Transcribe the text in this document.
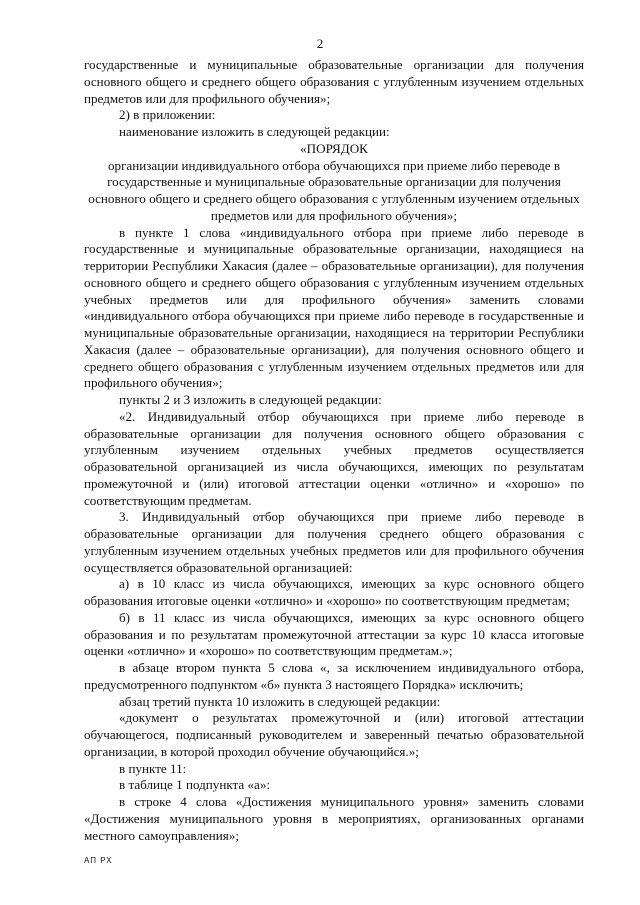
2

государственные и муниципальные образовательные организации для получения основного общего и среднего общего образования с углубленным изучением отдельных предметов или для профильного обучения»;

2) в приложении:

наименование изложить в следующей редакции:

«ПОРЯДОК

организации индивидуального отбора обучающихся при приеме либо переводе в государственные и муниципальные образовательные организации для получения основного общего и среднего общего образования с углубленным изучением отдельных предметов или для профильного обучения»;

в пункте 1 слова «индивидуального отбора при приеме либо переводе в государственные и муниципальные образовательные организации, находящиеся на территории Республики Хакасия (далее – образовательные организации), для получения основного общего и среднего общего образования с углубленным изучением отдельных учебных предметов или для профильного обучения» заменить словами «индивидуального отбора обучающихся при приеме либо переводе в государственные и муниципальные образовательные организации, находящиеся на территории Республики Хакасия (далее – образовательные организации), для получения основного общего и среднего общего образования с углубленным изучением отдельных предметов или для профильного обучения»;

пункты 2 и 3 изложить в следующей редакции:

«2. Индивидуальный отбор обучающихся при приеме либо переводе в образовательные организации для получения основного общего образования с углубленным изучением отдельных учебных предметов осуществляется образовательной организацией из числа обучающихся, имеющих по результатам промежуточной и (или) итоговой аттестации оценки «отлично» и «хорошо» по соответствующим предметам.

3. Индивидуальный отбор обучающихся при приеме либо переводе в образовательные организации для получения среднего общего образования с углубленным изучением отдельных учебных предметов или для профильного обучения осуществляется образовательной организацией:

а) в 10 класс из числа обучающихся, имеющих за курс основного общего образования итоговые оценки «отлично» и «хорошо» по соответствующим предметам;

б) в 11 класс из числа обучающихся, имеющих за курс основного общего образования и по результатам промежуточной аттестации за курс 10 класса итоговые оценки «отлично» и «хорошо» по соответствующим предметам.»;

в абзаце втором пункта 5 слова «, за исключением индивидуального отбора, предусмотренного подпунктом «б» пункта 3 настоящего Порядка» исключить;

абзац третий пункта 10 изложить в следующей редакции:

«документ о результатах промежуточной и (или) итоговой аттестации обучающегося, подписанный руководителем и заверенный печатью образовательной организации, в которой проходил обучение обучающийся.»;

в пункте 11:

в таблице 1 подпункта «а»:

в строке 4 слова «Достижения муниципального уровня» заменить словами «Достижения муниципального уровня в мероприятиях, организованных органами местного самоуправления»;

АП РХ
